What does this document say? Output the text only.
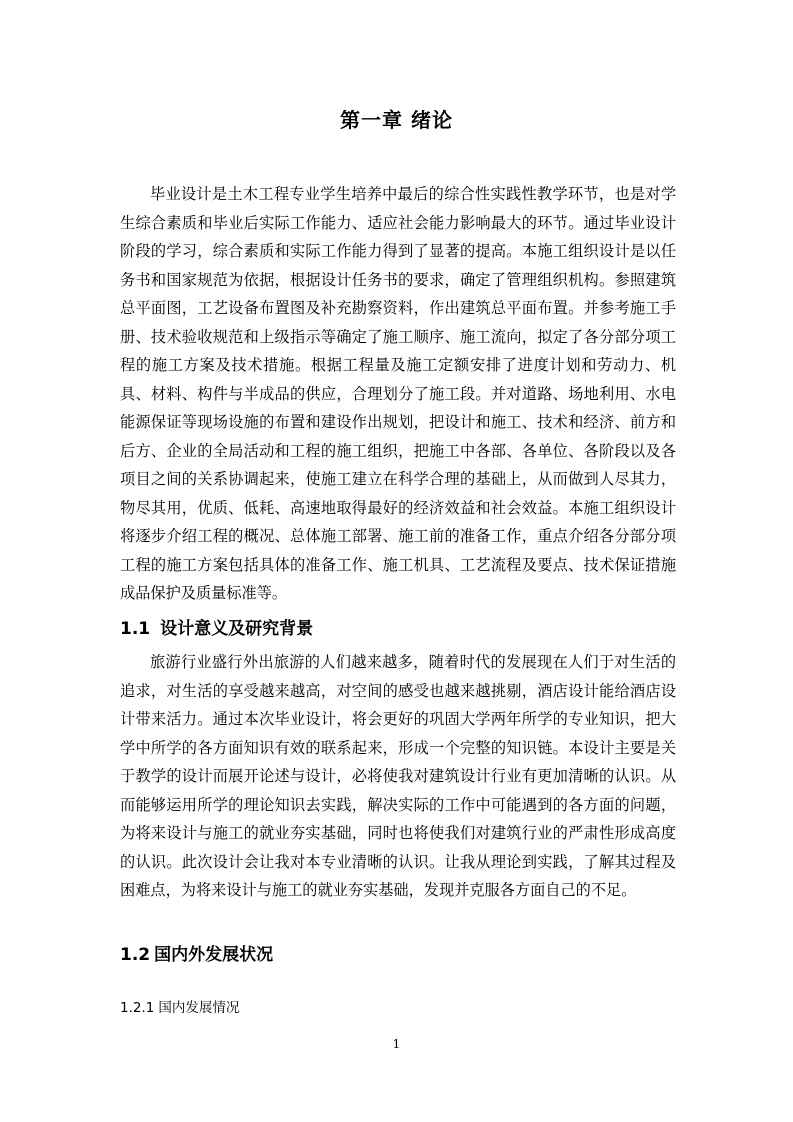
第一章 绪论

毕业设计是土木工程专业学生培养中最后的综合性实践性教学环节，也是对学生综合素质和毕业后实际工作能力、适应社会能力影响最大的环节。通过毕业设计阶段的学习，综合素质和实际工作能力得到了显著的提高。本施工组织设计是以任务书和国家规范为依据，根据设计任务书的要求，确定了管理组织机构。参照建筑总平面图，工艺设备布置图及补充勘察资料，作出建筑总平面布置。并参考施工手册、技术验收规范和上级指示等确定了施工顺序、施工流向，拟定了各分部分项工程的施工方案及技术措施。根据工程量及施工定额安排了进度计划和劳动力、机具、材料、构件与半成品的供应，合理划分了施工段。并对道路、场地利用、水电能源保证等现场设施的布置和建设作出规划，把设计和施工、技术和经济、前方和后方、企业的全局活动和工程的施工组织，把施工中各部、各单位、各阶段以及各项目之间的关系协调起来，使施工建立在科学合理的基础上，从而做到人尽其力，物尽其用，优质、低耗、高速地取得最好的经济效益和社会效益。本施工组织设计将逐步介绍工程的概况、总体施工部署、施工前的准备工作，重点介绍各分部分项工程的施工方案包括具体的准备工作、施工机具、工艺流程及要点、技术保证措施成品保护及质量标准等。

1.1 设计意义及研究背景

旅游行业盛行外出旅游的人们越来越多，随着时代的发展现在人们于对生活的追求，对生活的享受越来越高，对空间的感受也越来越挑剔，酒店设计能给酒店设计带来活力。通过本次毕业设计，将会更好的巩固大学两年所学的专业知识，把大学中所学的各方面知识有效的联系起来，形成一个完整的知识链。本设计主要是关于教学的设计而展开论述与设计，必将使我对建筑设计行业有更加清晰的认识。从而能够运用所学的理论知识去实践，解决实际的工作中可能遇到的各方面的问题，为将来设计与施工的就业夯实基础，同时也将使我们对建筑行业的严肃性形成高度的认识。此次设计会让我对本专业清晰的认识。让我从理论到实践，了解其过程及困难点，为将来设计与施工的就业夯实基础，发现并克服各方面自己的不足。

1.2 国内外发展状况
1.2.1 国内发展情况
1
